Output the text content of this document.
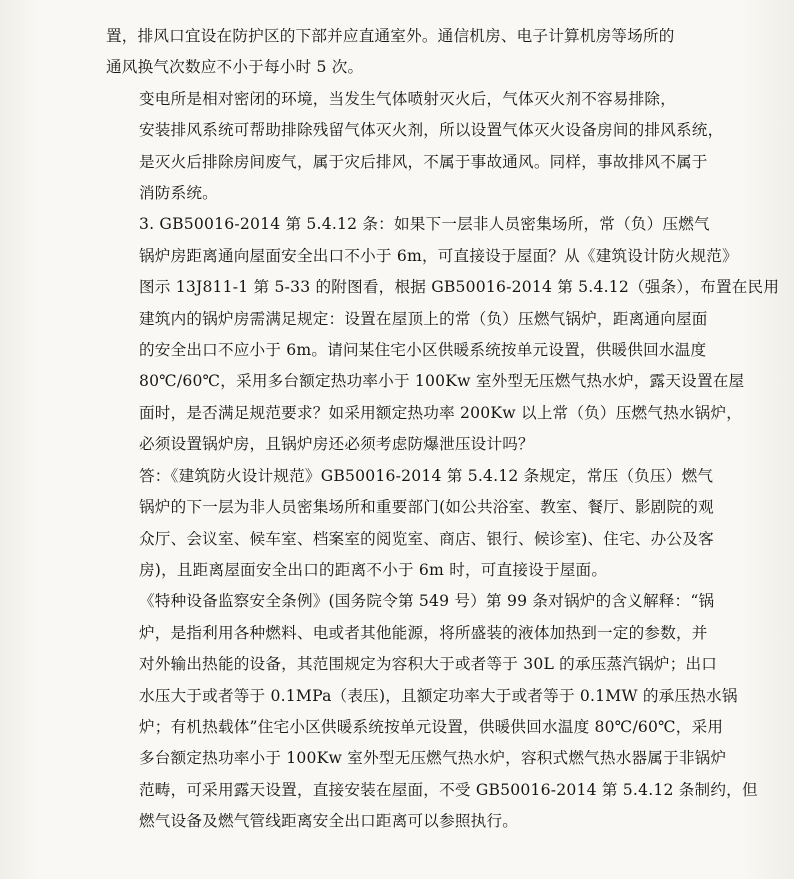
置，排风口宜设在防护区的下部并应直通室外。通信机房、电子计算机房等场所的
通风换气次数应不小于每小时 5 次。

变电所是相对密闭的环境，当发生气体喷射灭火后，气体灭火剂不容易排除，
安装排风系统可帮助排除残留气体灭火剂，所以设置气体灭火设备房间的排风系统，
是灭火后排除房间废气，属于灾后排风，不属于事故通风。同样，事故排风不属于
消防系统。

3. GB50016-2014 第 5.4.12 条：如果下一层非人员密集场所，常（负）压燃气
锅炉房距离通向屋面安全出口不小于 6m，可直接设于屋面？从《建筑设计防火规范》
图示 13J811-1 第 5-33 的附图看，根据 GB50016-2014 第 5.4.12（强条），布置在民用
建筑内的锅炉房需满足规定：设置在屋顶上的常（负）压燃气锅炉，距离通向屋面
的安全出口不应小于 6m。请问某住宅小区供暖系统按单元设置，供暖供回水温度
80℃/60℃，采用多台额定热功率小于 100Kw 室外型无压燃气热水炉，露天设置在屋
面时，是否满足规范要求？如采用额定热功率 200Kw 以上常（负）压燃气热水锅炉，
必须设置锅炉房，且锅炉房还必须考虑防爆泄压设计吗？

答：《建筑防火设计规范》GB50016-2014 第 5.4.12 条规定，常压（负压）燃气
锅炉的下一层为非人员密集场所和重要部门(如公共浴室、教室、餐厅、影剧院的观
众厅、会议室、候车室、档案室的阅览室、商店、银行、候诊室)、住宅、办公及客
房)，且距离屋面安全出口的距离不小于 6m 时，可直接设于屋面。

《特种设备监察安全条例》(国务院令第 549 号）第 99 条对锅炉的含义解释：“锅
炉，是指利用各种燃料、电或者其他能源，将所盛装的液体加热到一定的参数，并
对外输出热能的设备，其范围规定为容积大于或者等于 30L 的承压蒸汽锅炉；出口
水压大于或者等于 0.1MPa（表压)，且额定功率大于或者等于 0.1MW 的承压热水锅
炉；有机热载体”住宅小区供暖系统按单元设置，供暖供回水温度 80℃/60℃，采用
多台额定热功率小于 100Kw 室外型无压燃气热水炉，容积式燃气热水器属于非锅炉
范畴，可采用露天设置，直接安装在屋面，不受 GB50016-2014 第 5.4.12 条制约，但
燃气设备及燃气管线距离安全出口距离可以参照执行。
